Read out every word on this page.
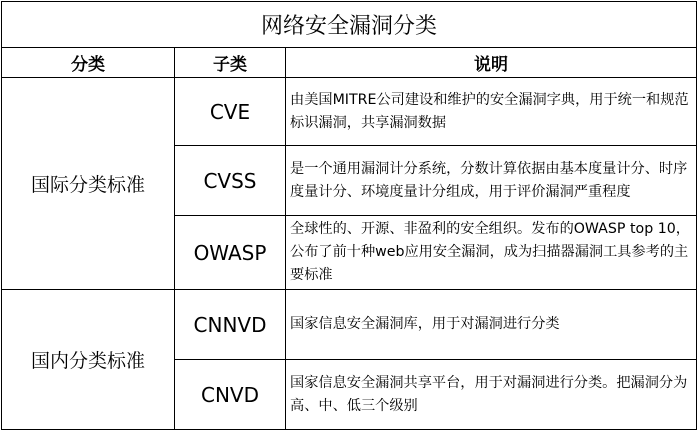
网络安全漏洞分类		
分类	子类	说明
国际分类标准	CVE	由美国MITRE公司建设和维护的安全漏洞字典，用于统一和规范标识漏洞，共享漏洞数据
	CVSS	是一个通用漏洞计分系统，分数计算依据由基本度量计分、时序度量计分、环境度量计分组成，用于评价漏洞严重程度
	OWASP	全球性的、开源、非盈利的安全组织。发布的OWASP top 10，公布了前十种web应用安全漏洞，成为扫描器漏洞工具参考的主要标准
国内分类标准	CNNVD	国家信息安全漏洞库，用于对漏洞进行分类
	CNVD	国家信息安全漏洞共享平台，用于对漏洞进行分类。把漏洞分为高、中、低三个级别
